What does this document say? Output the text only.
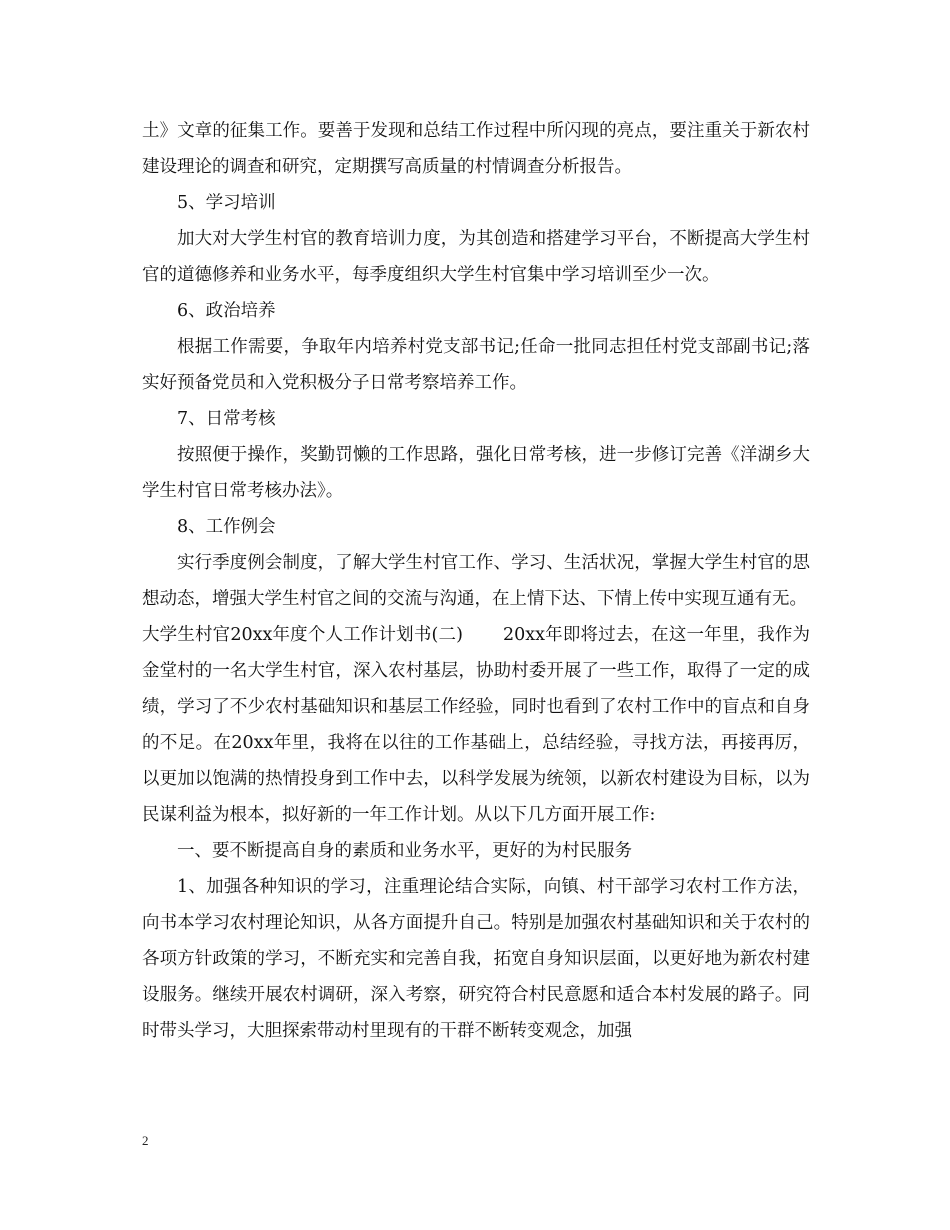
土》文章的征集工作。要善于发现和总结工作过程中所闪现的亮点，要注重关于新农村建设理论的调查和研究，定期撰写高质量的村情调查分析报告。

5、学习培训

加大对大学生村官的教育培训力度，为其创造和搭建学习平台，不断提高大学生村官的道德修养和业务水平，每季度组织大学生村官集中学习培训至少一次。

6、政治培养

根据工作需要，争取年内培养村党支部书记;任命一批同志担任村党支部副书记;落实好预备党员和入党积极分子日常考察培养工作。

7、日常考核

按照便于操作，奖勤罚懒的工作思路，强化日常考核，进一步修订完善《洋湖乡大学生村官日常考核办法》。

8、工作例会

实行季度例会制度，了解大学生村官工作、学习、生活状况，掌握大学生村官的思想动态，增强大学生村官之间的交流与沟通，在上情下达、下情上传中实现互通有无。

大学生村官20xx年度个人工作计划书(二) 20xx年即将过去，在这一年里，我作为金堂村的一名大学生村官，深入农村基层，协助村委开展了一些工作，取得了一定的成绩，学习了不少农村基础知识和基层工作经验，同时也看到了农村工作中的盲点和自身的不足。在20xx年里，我将在以往的工作基础上，总结经验，寻找方法，再接再厉，以更加以饱满的热情投身到工作中去，以科学发展为统领，以新农村建设为目标，以为民谋利益为根本，拟好新的一年工作计划。从以下几方面开展工作:

一、要不断提高自身的素质和业务水平，更好的为村民服务

1、加强各种知识的学习，注重理论结合实际，向镇、村干部学习农村工作方法，向书本学习农村理论知识，从各方面提升自己。特别是加强农村基础知识和关于农村的各项方针政策的学习，不断充实和完善自我，拓宽自身知识层面，以更好地为新农村建设服务。继续开展农村调研，深入考察，研究符合村民意愿和适合本村发展的路子。同时带头学习，大胆探索带动村里现有的干群不断转变观念，加强

2
